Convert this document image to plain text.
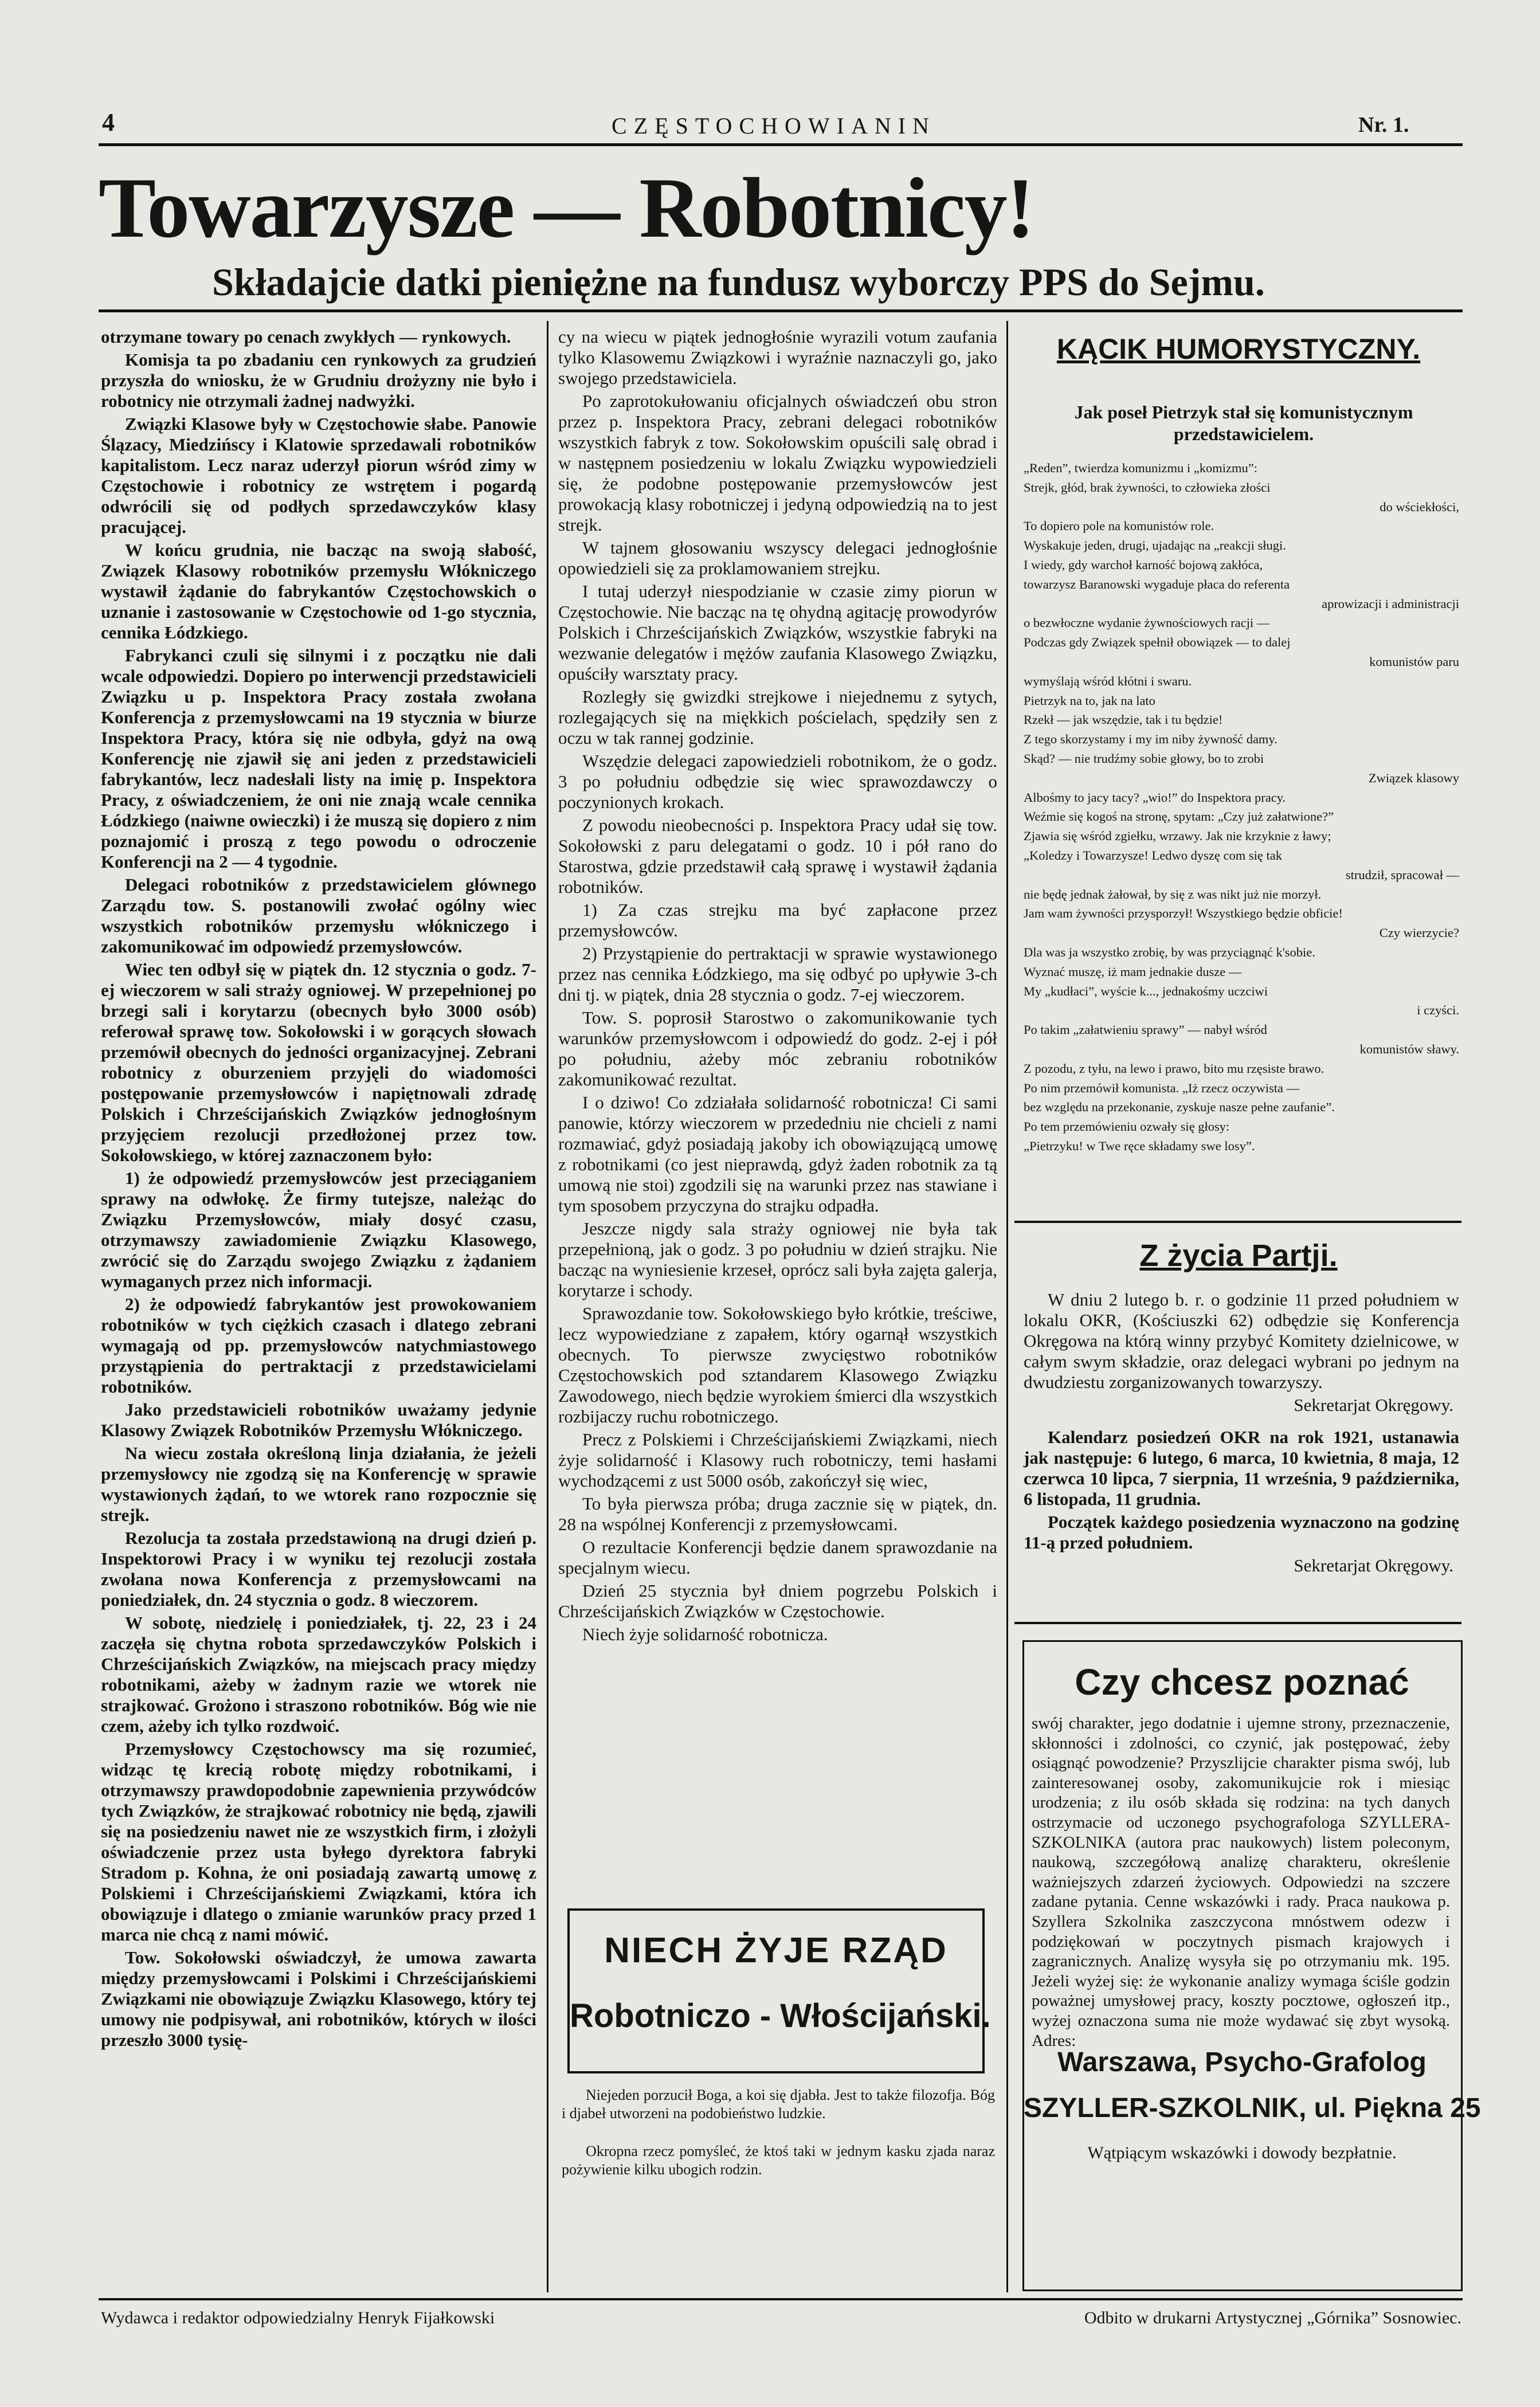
4	CZĘSTOCHOWIANIN	Nr. 1.
Towarzysze — Robotnicy!
Składajcie datki pieniężne na fundusz wyborczy PPS do Sejmu.

otrzymane towary po cenach zwykłych — rynkowych.

Komisja ta po zbadaniu cen rynkowych za grudzień przyszła do wniosku, że w Grudniu drożyzny nie było i robotnicy nie otrzymali żadnej nadwyżki.

Związki Klasowe były w Częstochowie słabe. Panowie Ślązacy, Miedzińscy i Klatowie sprzedawali robotników kapitalistom. Lecz naraz uderzył piorun wśród zimy w Częstochowie i robotnicy ze wstrętem i pogardą odwrócili się od podłych sprzedawczyków klasy pracującej.

W końcu grudnia, nie bacząc na swoją słabość, Związek Klasowy robotników przemysłu Włókniczego wystawił żądanie do fabrykantów Częstochowskich o uznanie i zastosowanie w Częstochowie od 1-go stycznia, cennika Łódzkiego.

Fabrykanci czuli się silnymi i z początku nie dali wcale odpowiedzi. Dopiero po interwencji przedstawicieli Związku u p. Inspektora Pracy została zwołana Konferencja z przemysłowcami na 19 stycznia w biurze Inspektora Pracy, która się nie odbyła, gdyż na ową Konferencję nie zjawił się ani jeden z przedstawicieli fabrykantów, lecz nadesłali listy na imię p. Inspektora Pracy, z oświadczeniem, że oni nie znają wcale cennika Łódzkiego (naiwne owieczki) i że muszą się dopiero z nim poznajomić i proszą z tego powodu o odroczenie Konferencji na 2 — 4 tygodnie.

Delegaci robotników z przedstawicielem głównego Zarządu tow. S. postanowili zwołać ogólny wiec wszystkich robotników przemysłu włókniczego i zakomunikować im odpowiedź przemysłowców.

Wiec ten odbył się w piątek dn. 12 stycznia o godz. 7-ej wieczorem w sali straży ogniowej. W przepełnionej po brzegi sali i korytarzu (obecnych było 3000 osób) referował sprawę tow. Sokołowski i w gorących słowach przemówił obecnych do jedności organizacyjnej. Zebrani robotnicy z oburzeniem przyjęli do wiadomości postępowanie przemysłowców i napiętnowali zdradę Polskich i Chrześcijańskich Związków jednogłośnym przyjęciem rezolucji przedłożonej przez tow. Sokołowskiego, w której zaznaczonem było:

1) że odpowiedź przemysłowców jest przeciąganiem sprawy na odwłokę. Że firmy tutejsze, należąc do Związku Przemysłowców, miały dosyć czasu, otrzymawszy zawiadomienie Związku Klasowego, zwrócić się do Zarządu swojego Związku z żądaniem wymaganych przez nich informacji.

2) że odpowiedź fabrykantów jest prowokowaniem robotników w tych ciężkich czasach i dlatego zebrani wymagają od pp. przemysłowców natychmiastowego przystąpienia do pertraktacji z przedstawicielami robotników.

Jako przedstawicieli robotników uważamy jedynie Klasowy Związek Robotników Przemysłu Włókniczego.

Na wiecu została określoną linja działania, że jeżeli przemysłowcy nie zgodzą się na Konferencję w sprawie wystawionych żądań, to we wtorek rano rozpocznie się strejk.

Rezolucja ta została przedstawioną na drugi dzień p. Inspektorowi Pracy i w wyniku tej rezolucji została zwołana nowa Konferencja z przemysłowcami na poniedziałek, dn. 24 stycznia o godz. 8 wieczorem.

W sobotę, niedzielę i poniedziałek, tj. 22, 23 i 24 zaczęła się chytna robota sprzedawczyków Polskich i Chrześcijańskich Związków, na miejscach pracy między robotnikami, ażeby w żadnym razie we wtorek nie strajkować. Grożono i straszono robotników. Bóg wie nie czem, ażeby ich tylko rozdwoić.

Przemysłowcy Częstochowscy ma się rozumieć, widząc tę krecią robotę między robotnikami, i otrzymawszy prawdopodobnie zapewnienia przywódców tych Związków, że strajkować robotnicy nie będą, zjawili się na posiedzeniu nawet nie ze wszystkich firm, i złożyli oświadczenie przez usta byłego dyrektora fabryki Stradom p. Kohna, że oni posiadają zawartą umowę z Polskiemi i Chrześcijańskiemi Związkami, która ich obowiązuje i dlatego o zmianie warunków pracy przed 1 marca nie chcą z nami mówić.

Tow. Sokołowski oświadczył, że umowa zawarta między przemysłowcami i Polskimi i Chrześcijańskiemi Związkami nie obowiązuje Związku Klasowego, który tej umowy nie podpisywał, ani robotników, których w ilości przeszło 3000 tysię-

cy na wiecu w piątek jednogłośnie wyrazili votum zaufania tylko Klasowemu Związkowi i wyraźnie naznaczyli go, jako swojego przedstawiciela.

Po zaprotokułowaniu oficjalnych oświadczeń obu stron przez p. Inspektora Pracy, zebrani delegaci robotników wszystkich fabryk z tow. Sokołowskim opuścili salę obrad i w następnem posiedzeniu w lokalu Związku wypowiedzieli się, że podobne postępowanie przemysłowców jest prowokacją klasy robotniczej i jedyną odpowiedzią na to jest strejk.

W tajnem głosowaniu wszyscy delegaci jednogłośnie opowiedzieli się za proklamowaniem strejku.

I tutaj uderzył niespodzianie w czasie zimy piorun w Częstochowie. Nie bacząc na tę ohydną agitację prowodyrów Polskich i Chrześcijańskich Związków, wszystkie fabryki na wezwanie delegatów i mężów zaufania Klasowego Związku, opuściły warsztaty pracy.

Rozległy się gwizdki strejkowe i niejednemu z sytych, rozlegających się na miękkich pościelach, spędziły sen z oczu w tak rannej godzinie.

Wszędzie delegaci zapowiedzieli robotnikom, że o godz. 3 po południu odbędzie się wiec sprawozdawczy o poczynionych krokach.

Z powodu nieobecności p. Inspektora Pracy udał się tow. Sokołowski z paru delegatami o godz. 10 i pół rano do Starostwa, gdzie przedstawił całą sprawę i wystawił żądania robotników.

1) Za czas strejku ma być zapłacone przez przemysłowców.

2) Przystąpienie do pertraktacji w sprawie wystawionego przez nas cennika Łódzkiego, ma się odbyć po upływie 3-ch dni tj. w piątek, dnia 28 stycznia o godz. 7-ej wieczorem.

Tow. S. poprosił Starostwo o zakomunikowanie tych warunków przemysłowcom i odpowiedź do godz. 2-ej i pół po południu, ażeby móc zebraniu robotników zakomunikować rezultat.

I o dziwo! Co zdziałała solidarność robotnicza! Ci sami panowie, którzy wieczorem w przededniu nie chcieli z nami rozmawiać, gdyż posiadają jakoby ich obowiązującą umowę z robotnikami (co jest nieprawdą, gdyż żaden robotnik za tą umową nie stoi) zgodzili się na warunki przez nas stawiane i tym sposobem przyczyna do strajku odpadła.

Jeszcze nigdy sala straży ogniowej nie była tak przepełnioną, jak o godz. 3 po południu w dzień strajku. Nie bacząc na wyniesienie krzeseł, oprócz sali była zajęta galerja, korytarze i schody.

Sprawozdanie tow. Sokołowskiego było krótkie, treściwe, lecz wypowiedziane z zapałem, który ogarnął wszystkich obecnych. To pierwsze zwycięstwo robotników Częstochowskich pod sztandarem Klasowego Związku Zawodowego, niech będzie wyrokiem śmierci dla wszystkich rozbijaczy ruchu robotniczego.

Precz z Polskiemi i Chrześcijańskiemi Związkami, niech żyje solidarność i Klasowy ruch robotniczy, temi hasłami wychodzącemi z ust 5000 osób, zakończył się wiec,

To była pierwsza próba; druga zacznie się w piątek, dn. 28 na wspólnej Konferencji z przemysłowcami.

O rezultacie Konferencji będzie danem sprawozdanie na specjalnym wiecu.

Dzień 25 stycznia był dniem pogrzebu Polskich i Chrześcijańskich Związków w Częstochowie.

Niech żyje solidarność robotnicza.

NIECH ŻYJE RZĄD
Robotniczo - Włościjański.

Niejeden porzucił Boga, a koi się djabła. Jest to także filozofja. Bóg i djabeł utworzeni na podobieństwo ludzkie.

Okropna rzecz pomyśleć, że ktoś taki w jednym kasku zjada naraz pożywienie kilku ubogich rodzin.

KĄCIK HUMORYSTYCZNY.
Jak poseł Pietrzyk stał się komunistycznym przedstawicielem.
„Reden”, twierdza komunizmu i „komizmu”:
Strejk, głód, brak żywności, to człowieka złości
do wściekłości,
To dopiero pole na komunistów role.
Wyskakuje jeden, drugi, ujadając na „reakcji sługi.
I wiedy, gdy warchoł karność bojową zakłóca,
towarzysz Baranowski wygaduje płaca do referenta
aprowizacji i administracji
o bezwłoczne wydanie żywnościowych racji —
Podczas gdy Związek spełnił obowiązek — to dalej
komunistów paru
wymyślają wśród kłótni i swaru.
Pietrzyk na to, jak na lato
Rzekł — jak wszędzie, tak i tu będzie!
Z tego skorzystamy i my im niby żywność damy.
Skąd? — nie trudźmy sobie głowy, bo to zrobi
Związek klasowy
Albośmy to jacy tacy? „wio!” do Inspektora pracy.
Weźmie się kogoś na stronę, spytam: „Czy już załatwione?”
Zjawia się wśród zgiełku, wrzawy. Jak nie krzyknie z ławy;
„Koledzy i Towarzysze! Ledwo dyszę com się tak
strudził, spracował —
nie będę jednak żałował, by się z was nikt już nie morzył.
Jam wam żywności przysporzył! Wszystkiego będzie obficie!
Czy wierzycie?
Dla was ja wszystko zrobię, by was przyciągnąć k'sobie.
Wyznać muszę, iż mam jednakie dusze —
My „kudłaci”, wyście k..., jednakośmy uczciwi
i czyści.
Po takim „załatwieniu sprawy” — nabył wśród
komunistów sławy.
Z pozodu, z tyłu, na lewo i prawo, bito mu rzęsiste brawo.
Po nim przemówił komunista. „Iż rzecz oczywista —
bez względu na przekonanie, zyskuje nasze pełne zaufanie”.
Po tem przemówieniu ozwały się głosy:
„Pietrzyku! w Twe ręce składamy swe losy”.
Z życia Partji.

W dniu 2 lutego b. r. o godzinie 11 przed południem w lokalu OKR, (Kościuszki 62) odbędzie się Konferencja Okręgowa na którą winny przybyć Komitety dzielnicowe, w całym swym składzie, oraz delegaci wybrani po jednym na dwudziestu zorganizowanych towarzyszy.

Sekretarjat Okręgowy.

Kalendarz posiedzeń OKR na rok 1921, ustanawia jak następuje: 6 lutego, 6 marca, 10 kwietnia, 8 maja, 12 czerwca 10 lipca, 7 sierpnia, 11 września, 9 października, 6 listopada, 11 grudnia.

Początek każdego posiedzenia wyznaczono na godzinę 11-ą przed południem.

Sekretarjat Okręgowy.
Czy chcesz poznać

swój charakter, jego dodatnie i ujemne strony, przeznaczenie, skłonności i zdolności, co czynić, jak postępować, żeby osiągnąć powodzenie? Przyszlijcie charakter pisma swój, lub zainteresowanej osoby, zakomunikujcie rok i miesiąc urodzenia; z ilu osób składa się rodzina: na tych danych ostrzymacie od uczonego psychografologa SZYLLERA-SZKOLNIKA (autora prac naukowych) listem poleconym, naukową, szczegółową analizę charakteru, określenie ważniejszych zdarzeń życiowych. Odpowiedzi na szczere zadane pytania. Cenne wskazówki i rady. Praca naukowa p. Szyllera Szkolnika zaszczycona mnóstwem odezw i podziękowań w poczytnych pismach krajowych i zagranicznych. Analizę wysyła się po otrzymaniu mk. 195. Jeżeli wyżej się: że wykonanie analizy wymaga ściśle godzin poważnej umysłowej pracy, koszty pocztowe, ogłoszeń itp., wyżej oznaczona suma nie może wydawać się zbyt wysoką. Adres:

Warszawa, Psycho-Grafolog
SZYLLER-SZKOLNIK, ul. Piękna 25
Wątpiącym wskazówki i dowody bezpłatnie.
Wydawca i redaktor odpowiedzialny Henryk Fijałkowski	Odbito w drukarni Artystycznej „Górnika” Sosnowiec.
